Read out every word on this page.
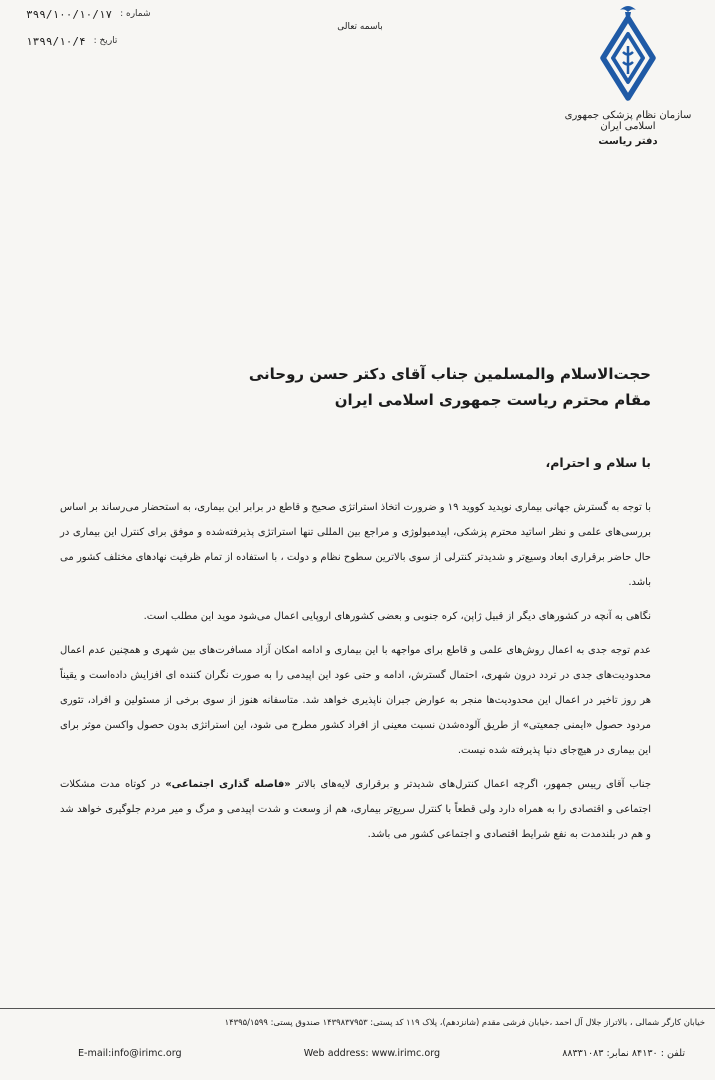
۳۹۹/۱۰۰/۱۰/۱۷ شماره :
۱۳۹۹/۱۰/۴ تاریخ :
باسمه تعالی
سازمان نظام پزشکی جمهوری اسلامی ایران
دفتر ریاست
حجت‌الاسلام والمسلمین جناب آقای دکتر حسن روحانی
مقام محترم ریاست جمهوری اسلامی ایران
با سلام و احترام،

با توجه به گسترش جهانی بیماری نوپدید کووید ۱۹ و ضرورت اتخاذ استراتژی صحیح و قاطع در برابر این بیماری، به استحضار می‌رساند بر اساس بررسی‌های علمی و نظر اساتید محترم پزشکی، اپیدمیولوژی و مراجع بین المللی تنها استراتژی پذیرفته‌شده و موفق برای کنترل این بیماری در حال حاضر برقراری ابعاد وسیع‌تر و شدیدتر کنترلی از سوی بالاترین سطوح نظام و دولت ، با استفاده از تمام ظرفیت نهادهای مختلف کشور می باشد.

نگاهی به آنچه در کشورهای دیگر از قبیل ژاپن، کره جنوبی و بعضی کشورهای اروپایی اعمال می‌شود موید این مطلب است.

عدم توجه جدی به اعمال روش‌های علمی و قاطع برای مواجهه با این بیماری و ادامه امکان آزاد مسافرت‌های بین شهری و همچنین عدم اعمال محدودیت‌های جدی در تردد درون شهری، احتمال گسترش، ادامه و حتی عود این اپیدمی را به صورت نگران کننده ای افزایش داده‌است و یقیناً هر روز تاخیر در اعمال این محدودیت‌ها منجر به عوارض جبران ناپذیری خواهد شد. متاسفانه هنوز از سوی برخی از مسئولین و افراد، تئوری مردود حصول «ایمنی جمعیتی» از طریق آلوده‌شدن نسبت معینی از افراد کشور مطرح می شود، این استراتژی بدون حصول واکسن موثر برای این بیماری در هیچ‌جای دنیا پذیرفته شده نیست.

جناب آقای رییس جمهور، اگرچه اعمال کنترل‌های شدیدتر و برقراری لایه‌های بالاتر «فاصله گذاری اجتماعی» در کوتاه مدت مشکلات اجتماعی و اقتصادی را به همراه دارد ولی قطعاً با کنترل سریع‌تر بیماری، هم از وسعت و شدت اپیدمی و مرگ و میر مردم جلوگیری خواهد شد و هم در بلندمدت به نفع شرایط اقتصادی و اجتماعی کشور می باشد.

خیابان کارگر شمالی ، بالاتراز جلال آل احمد ،خیابان فرشی مقدم (شانزدهم)، پلاک ۱۱۹ کد پستی: ۱۴۳۹۸۳۷۹۵۳ صندوق پستی: ۱۴۳۹۵/۱۵۹۹
E-mail:info@irimc.org	Web address: www.irimc.org	تلفن : ۸۴۱۳۰ نمابر: ۸۸۳۳۱۰۸۳
